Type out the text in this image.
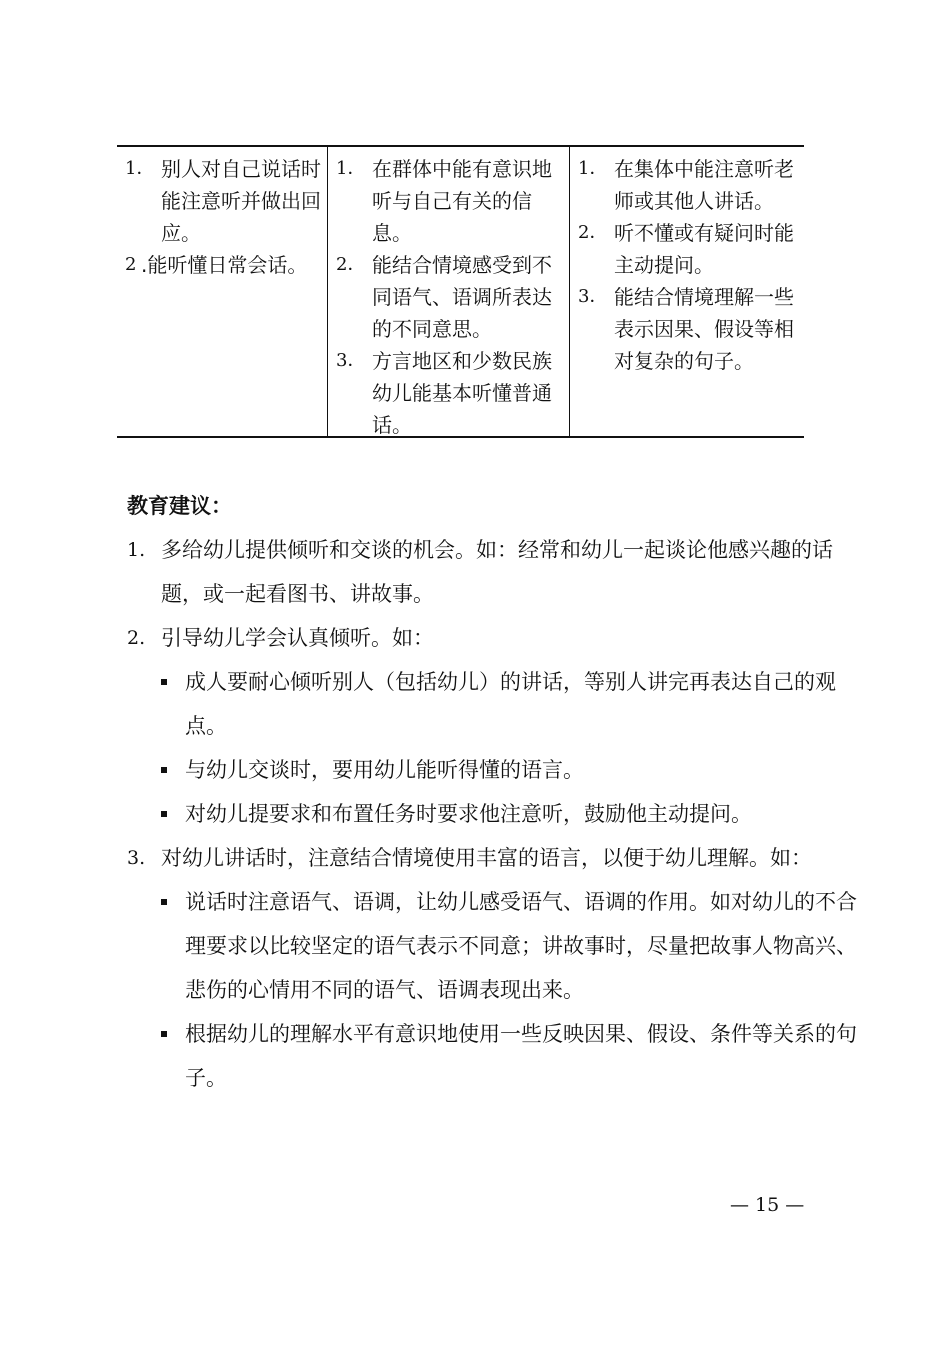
1． 别人对自己说话时能注意听并做出回应。
2 .能听懂日常会话。
1． 在群体中能有意识地听与自己有关的信息。
2． 能结合情境感受到不同语气、语调所表达的不同意思。
3． 方言地区和少数民族幼儿能基本听懂普通话。
1． 在集体中能注意听老师或其他人讲话。
2． 听不懂或有疑问时能主动提问。
3． 能结合情境理解一些表示因果、假设等相对复杂的句子。
教育建议：
1. 多给幼儿提供倾听和交谈的机会。如：经常和幼儿一起谈论他感兴趣的话题，或一起看图书、讲故事。
2. 引导幼儿学会认真倾听。如：
成人要耐心倾听别人（包括幼儿）的讲话，等别人讲完再表达自己的观点。
与幼儿交谈时，要用幼儿能听得懂的语言。
对幼儿提要求和布置任务时要求他注意听，鼓励他主动提问。
3. 对幼儿讲话时，注意结合情境使用丰富的语言，以便于幼儿理解。如：
说话时注意语气、语调，让幼儿感受语气、语调的作用。如对幼儿的不合理要求以比较坚定的语气表示不同意；讲故事时，尽量把故事人物高兴、悲伤的心情用不同的语气、语调表现出来。
根据幼儿的理解水平有意识地使用一些反映因果、假设、条件等关系的句子。
— 15 —
